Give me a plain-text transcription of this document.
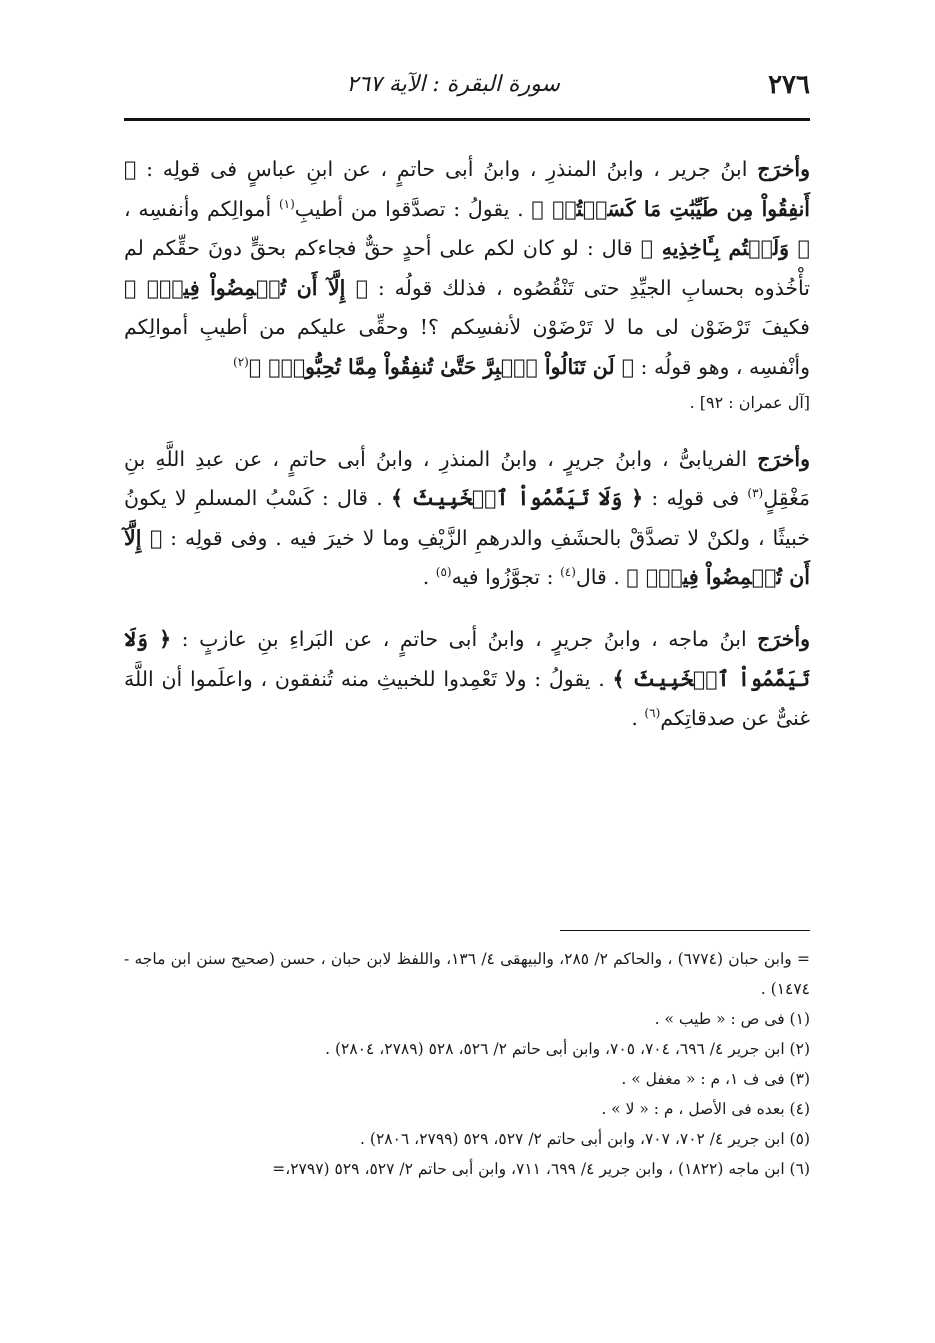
٢٧٦
سورة البقرة : الآية ٢٦٧

وأخرَج ابنُ جرير ، وابنُ المنذرِ ، وابنُ أبى حاتمٍ ، عن ابنِ عباسٍ فى قولِه : ﴿ أَنفِقُواْ مِن طَيِّبَٰتِ مَا كَسَبۡتُمۡ ﴾ . يقولُ : تصدَّقوا من أطيبِ$^{(١)}$ أموالِكم وأنفسِه ، ﴿ وَلَسۡتُم بِـَٔاخِذِيهِ ﴾ قال : لو كان لكم على أحدٍ حقٌّ فجاءكم بحقٍّ دونَ حقِّكم لم تأْخُذوه بحسابِ الجيِّدِ حتى تَنْقُصُوه ، فذلك قولُه : ﴿ إِلَّآ أَن تُغۡمِضُواْ فِيهِۚ ﴾ فكيفَ تَرْضَوْن لى ما لا تَرْضَوْن لأنفسِكم ؟! وحقِّى عليكم من أطيبِ أموالِكم وأنْفسِه ، وهو قولُه : ﴿ لَن تَنَالُواْ ٱلۡبِرَّ حَتَّىٰ تُنفِقُواْ مِمَّا تُحِبُّونَۚ ﴾$^{(٢)}$
[آل عمران : ٩٢] .

وأخرَج الفريابىُّ ، وابنُ جريرٍ ، وابنُ المنذرِ ، وابنُ أبى حاتمٍ ، عن عبدِ اللَّهِ بنِ مَغْقِلٍ$^{(٣)}$ فى قولِه : ﴿ وَلَا تَيَمَّمُواْ ٱلۡخَبِيثَ ﴾ . قال : كَسْبُ المسلمِ لا يكونُ خبيثًا ، ولكنْ لا تصدَّقْ بالحشَفِ والدرهمِ الزَّيْفِ وما لا خيرَ فيه . وفى قولِه : ﴿ إِلَّآ أَن تُغۡمِضُواْ فِيهِۚ ﴾ . قال$^{(٤)}$ : تجوَّزُوا فيه$^{(٥)}$ .

وأخرَج ابنُ ماجه ، وابنُ جريرٍ ، وابنُ أبى حاتمٍ ، عن البَراءِ بنِ عازبٍ : ﴿ وَلَا تَيَمَّمُواْ ٱلۡخَبِيثَ ﴾ . يقولُ : ولا تَعْمِدوا للخبيثِ منه تُنفقون ، واعلَموا أن اللَّهَ غنىٌّ عن صدقاتِكم$^{(٦)}$ .

= وابن حبان (٦٧٧٤) ، والحاكم ٢/ ٢٨٥، والبيهقى ٤/ ١٣٦، واللفظ لابن حبان ، حسن (صحيح سنن ابن ماجه - ١٤٧٤) .

(١) فى ص : « طيب » .

(٢) ابن جرير ٤/ ٦٩٦، ٧٠٤، ٧٠٥، وابن أبى حاتم ٢/ ٥٢٦، ٥٢٨ (٢٧٨٩، ٢٨٠٤) .

(٣) فى ف ١، م : « مغفل » .

(٤) بعده فى الأصل ، م : « لا » .

(٥) ابن جرير ٤/ ٧٠٢، ٧٠٧، وابن أبى حاتم ٢/ ٥٢٧، ٥٢٩ (٢٧٩٩، ٢٨٠٦) .

(٦) ابن ماجه (١٨٢٢) ، وابن جرير ٤/ ٦٩٩، ٧١١، وابن أبى حاتم ٢/ ٥٢٧، ٥٢٩ (٢٧٩٧،=
